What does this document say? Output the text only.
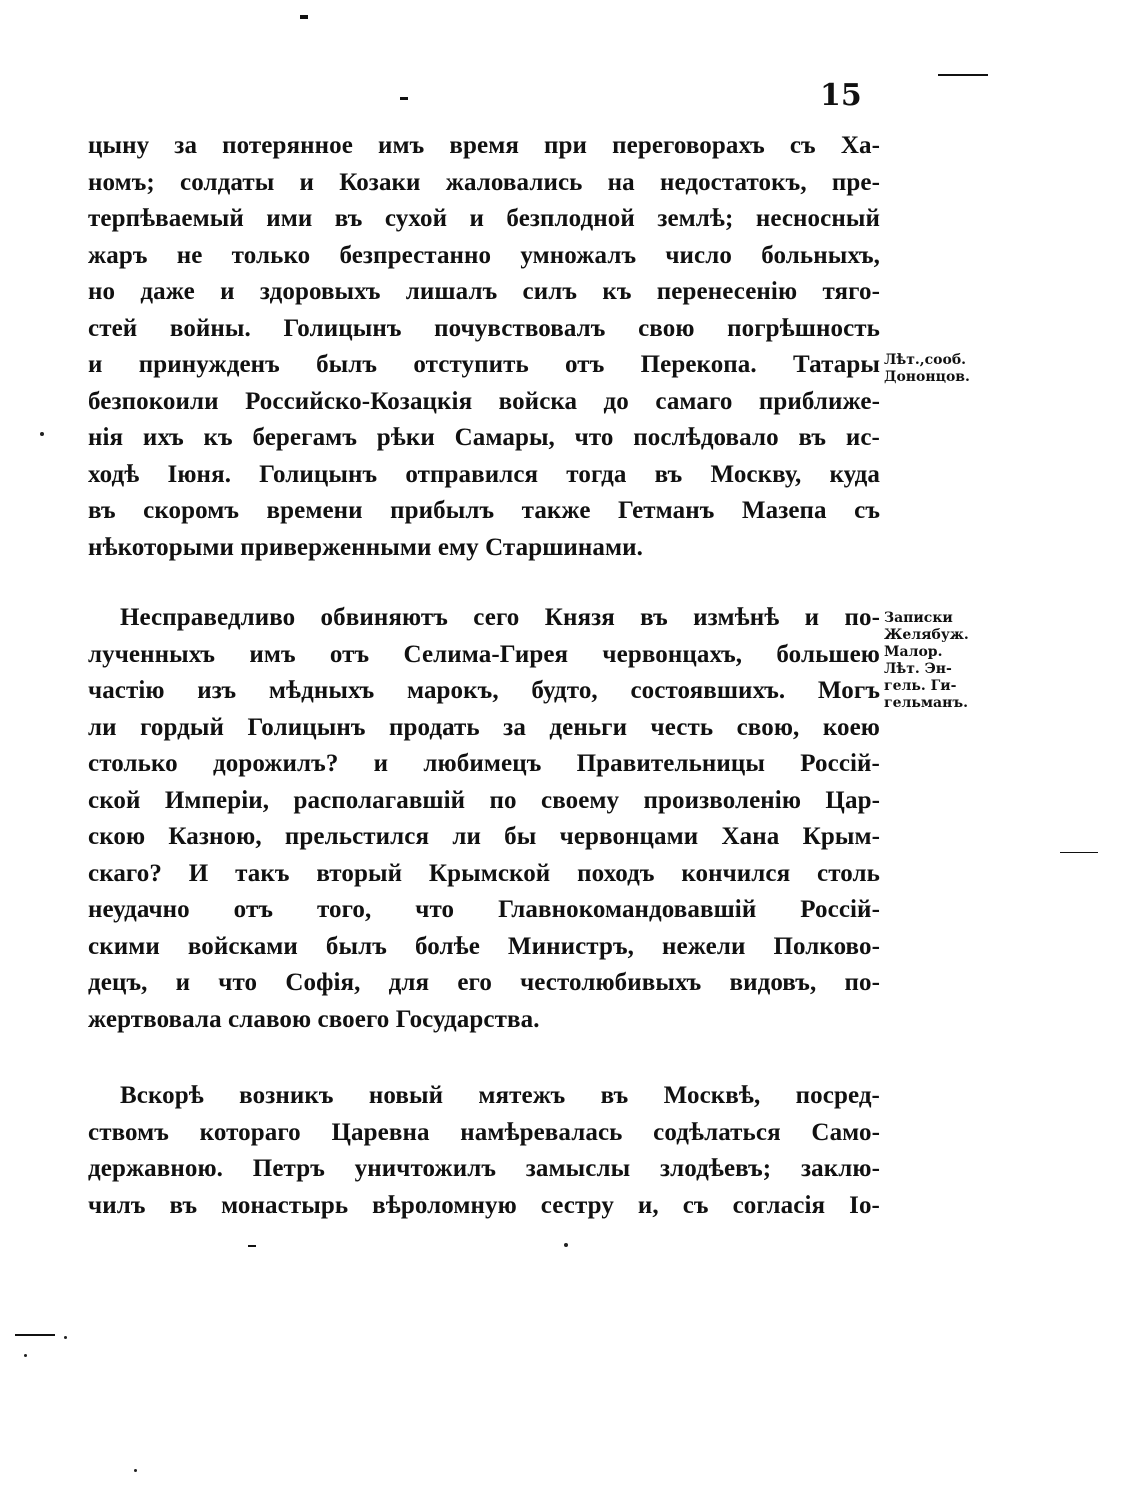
15
цыну за потерянное имъ время при переговорахъ съ Ха-
номъ; солдаты и Козаки жаловались на недостатокъ, пре-
терпѣваемый ими въ сухой и безплодной землѣ; несносный
жаръ не только безпрестанно умножалъ число больныхъ,
но даже и здоровыхъ лишалъ силъ къ перенесенію тяго-
стей войны. Голицынъ почувствовалъ свою погрѣшность
и принужденъ былъ отступить отъ Перекопа. Татары
безпокоили Российско-Козацкія войска до самаго приближе-
нія ихъ къ берегамъ рѣки Самары, что послѣдовало въ ис-
ходѣ Іюня. Голицынъ отправился тогда въ Москву, куда
въ скоромъ времени прибылъ также Гетманъ Мазепа съ
нѣкоторыми приверженными ему Старшинами.
Несправедливо обвиняютъ сего Князя въ измѣнѣ и по-
лученныхъ имъ отъ Селима-Гирея червонцахъ, большею
частію изъ мѣдныхъ марокъ, будто, состоявшихъ. Могъ
ли гордый Голицынъ продать за деньги честь свою, коею
столько дорожилъ? и любимецъ Правительницы Россій-
ской Имперіи, располагавшій по своему произволенію Цар-
скою Казною, прельстился ли бы червонцами Хана Крым-
скаго? И такъ вторый Крымской походъ кончился столь
неудачно отъ того, что Главнокомандовавшій Россій-
скими войсками былъ болѣе Министръ, нежели Полково-
децъ, и что Софія, для его честолюбивыхъ видовъ, по-
жертвовала славою своего Государства.
Вскорѣ возникъ новый мятежъ въ Москвѣ, посред-
ствомъ котораго Царевна намѣревалась содѣлаться Само-
державною. Петръ уничтожилъ замыслы злодѣевъ; заклю-
чилъ въ монастырь вѣроломную сестру и, съ согласія Іо-
Лѣт.,сооб.
Дононцов.
Записки
Желябуж.
Малор.
Лѣт. Эн-
гель. Ги-
гельманъ.
